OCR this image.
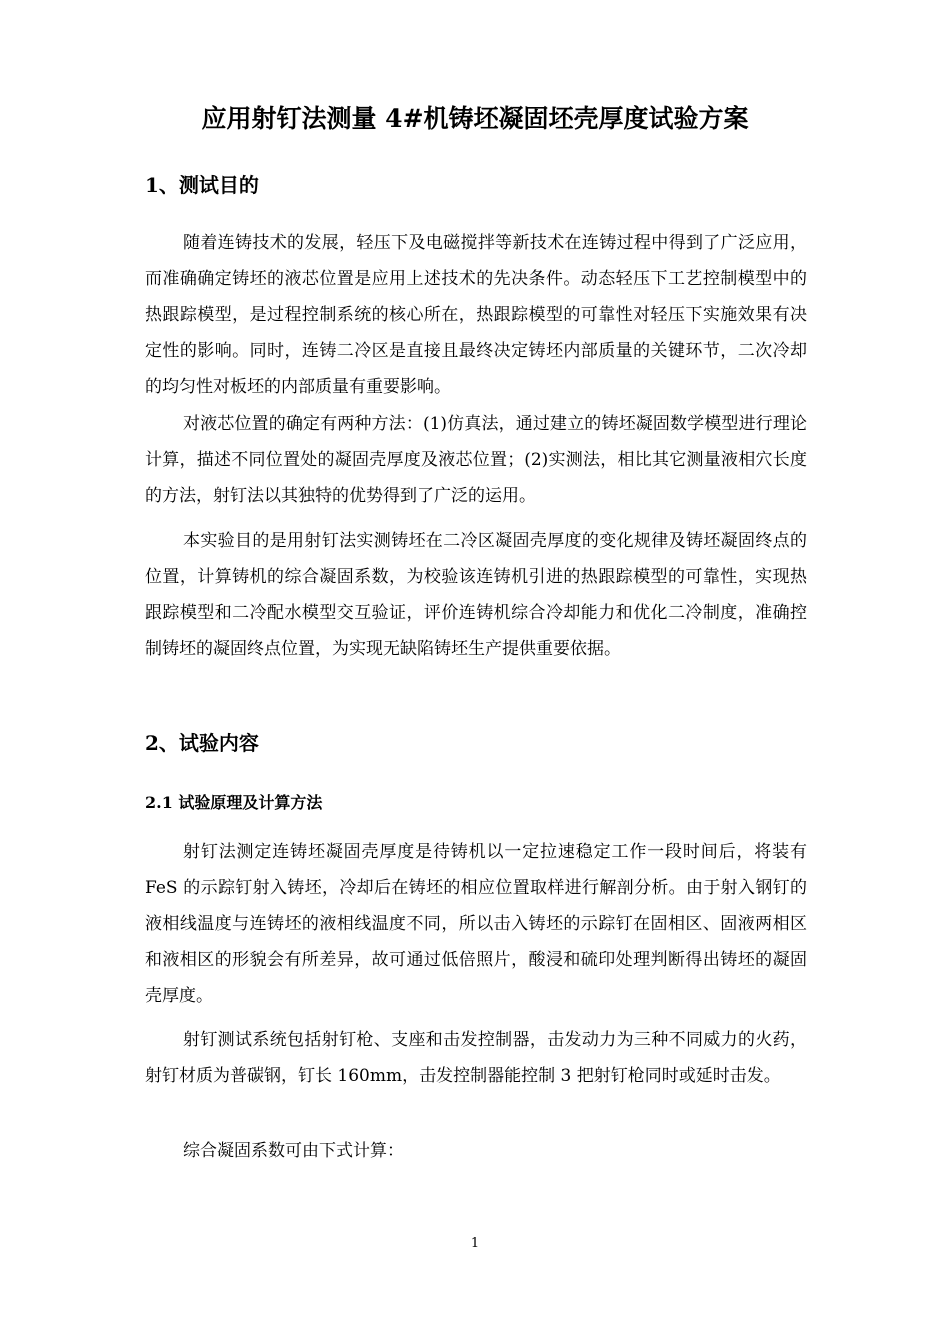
应用射钉法测量 4#机铸坯凝固坯壳厚度试验方案
1、测试目的

随着连铸技术的发展，轻压下及电磁搅拌等新技术在连铸过程中得到了广泛应用，而准确确定铸坯的液芯位置是应用上述技术的先决条件。动态轻压下工艺控制模型中的热跟踪模型，是过程控制系统的核心所在，热跟踪模型的可靠性对轻压下实施效果有决定性的影响。同时，连铸二冷区是直接且最终决定铸坯内部质量的关键环节，二次冷却的均匀性对板坯的内部质量有重要影响。

对液芯位置的确定有两种方法：(1)仿真法，通过建立的铸坯凝固数学模型进行理论计算，描述不同位置处的凝固壳厚度及液芯位置；(2)实测法，相比其它测量液相穴长度的方法，射钉法以其独特的优势得到了广泛的运用。

本实验目的是用射钉法实测铸坯在二冷区凝固壳厚度的变化规律及铸坯凝固终点的位置，计算铸机的综合凝固系数，为校验该连铸机引进的热跟踪模型的可靠性，实现热跟踪模型和二冷配水模型交互验证，评价连铸机综合冷却能力和优化二冷制度，准确控制铸坯的凝固终点位置，为实现无缺陷铸坯生产提供重要依据。

2、试验内容
2.1 试验原理及计算方法

射钉法测定连铸坯凝固壳厚度是待铸机以一定拉速稳定工作一段时间后，将装有 FeS 的示踪钉射入铸坯，冷却后在铸坯的相应位置取样进行解剖分析。由于射入钢钉的液相线温度与连铸坯的液相线温度不同，所以击入铸坯的示踪钉在固相区、固液两相区和液相区的形貌会有所差异，故可通过低倍照片，酸浸和硫印处理判断得出铸坯的凝固壳厚度。

射钉测试系统包括射钉枪、支座和击发控制器，击发动力为三种不同威力的火药，射钉材质为普碳钢，钉长 160mm，击发控制器能控制 3 把射钉枪同时或延时击发。

综合凝固系数可由下式计算：

1
